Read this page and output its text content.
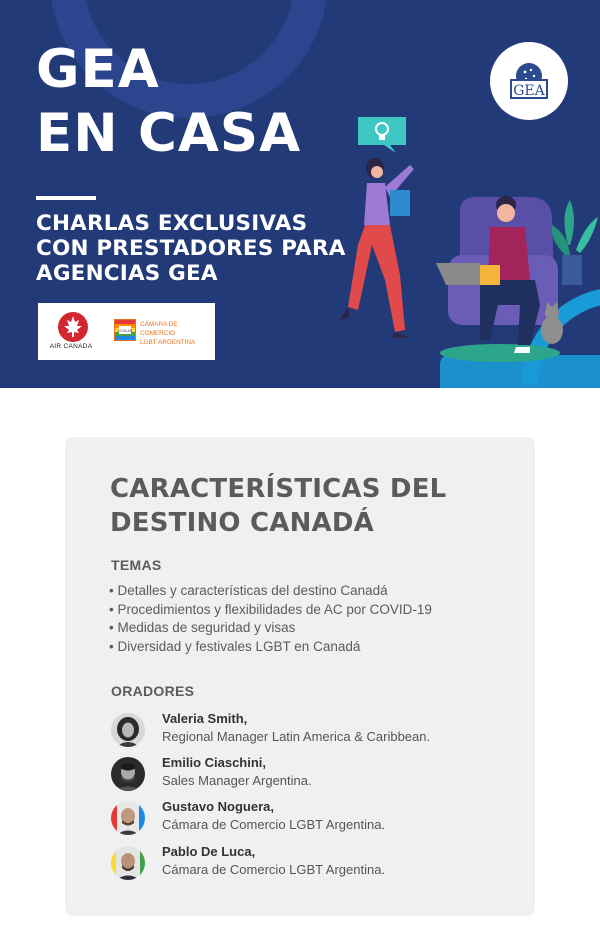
GEA
EN CASA
CHARLAS EXCLUSIVAS
CON PRESTADORES PARA
AGENCIAS GEA
AIR CANADA
CCGLAR
CÁMARA DE COMERCIO
LGBT ARGENTINA
GEA
CARACTERÍSTICAS DEL
DESTINO CANADÁ
TEMAS
• Detalles y características del destino Canadá
• Procedimientos y flexibilidades de AC por COVID-19
• Medidas de seguridad y visas
• Diversidad y festivales LGBT en Canadá
ORADORES
Valeria Smith,
Regional Manager Latin America & Caribbean.
Emilio Ciaschini,
Sales Manager Argentina.
Gustavo Noguera,
Cámara de Comercio LGBT Argentina.
Pablo De Luca,
Cámara de Comercio LGBT Argentina.
